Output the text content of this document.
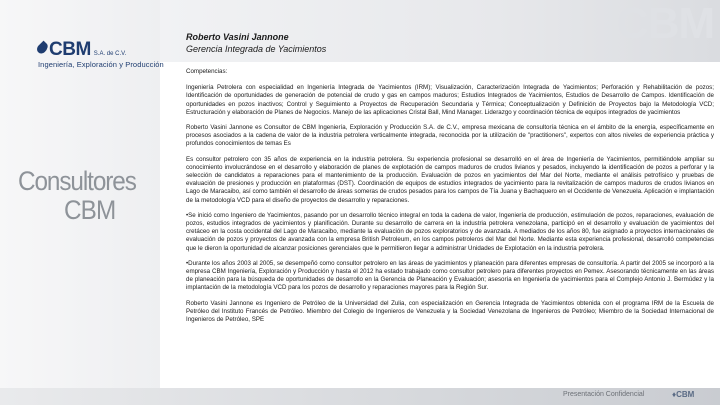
CBM
CBM S.A. de C.V.
Ingeniería, Exploración y Producción
Consultores
CBM
Roberto Vasini Jannone
Gerencia Integrada de Yacimientos

Competencias:

Ingeniería Petrolera con especialidad en Ingeniería Integrada de Yacimientos (IRM); Visualización, Caracterización Integrada de Yacimientos; Perforación y Rehabilitación de pozos; Identificación de oportunidades de generación de potencial de crudo y gas en campos maduros; Estudios Integrados de Yacimientos, Estudios de Desarrollo de Campos. Identificación de oportunidades en pozos inactivos; Control y Seguimiento a Proyectos de Recuperación Secundaria y Térmica; Conceptualización y Definición de Proyectos bajo la Metodología VCD; Estructuración y elaboración de Planes de Negocios. Manejo de las aplicaciones Cristal Ball, Mind Manager. Liderazgo y coordinación técnica de equipos integrados de yacimientos

Roberto Vasini Jannone es Consultor de CBM Ingeniería, Exploración y Producción S.A. de C.V., empresa mexicana de consultoría técnica en el ámbito de la energía, específicamente en procesos asociados a la cadena de valor de la industria petrolera verticalmente integrada, reconocida por la utilización de "practitioners", expertos con altos niveles de experiencia práctica y profundos conocimientos de temas Es

Es consultor petrolero con 35 años de experiencia en la industria petrolera. Su experiencia profesional se desarrolló en el área de Ingeniería de Yacimientos, permitiéndole ampliar su conocimiento involucrándose en el desarrollo y elaboración de planes de explotación de campos maduros de crudos livianos y pesados, incluyendo la identificación de pozos a perforar y la selección de candidatos a reparaciones para el mantenimiento de la producción. Evaluación de pozos en yacimientos del Mar del Norte, mediante el análisis petrofísico y pruebas de evaluación de presiones y producción en plataformas (DST). Coordinación de equipos de estudios integrados de yacimiento para la revitalización de campos maduros de crudos livianos en Lago de Maracaibo, así como también el desarrollo de áreas someras de crudos pesados para los campos de Tía Juana y Bachaquero en el Occidente de Venezuela. Aplicación e implantación de la metodología VCD para el diseño de proyectos de desarrollo y reparaciones.

•Se inició como Ingeniero de Yacimientos, pasando por un desarrollo técnico integral en toda la cadena de valor, Ingeniería de producción, estimulación de pozos, reparaciones, evaluación de pozos, estudios integrados de yacimientos y planificación. Durante su desarrollo de carrera en la industria petrolera venezolana, participó en el desarrollo y evaluación de yacimientos del cretáceo en la costa occidental del Lago de Maracaibo, mediante la evaluación de pozos exploratorios y de avanzada. A mediados de los años 80, fue asignado a proyectos internacionales de evaluación de pozos y proyectos de avanzada con la empresa British Petroleum, en los campos petroleros del Mar del Norte. Mediante esta experiencia profesional, desarrolló competencias que le dieron la oportunidad de alcanzar posiciones gerenciales que le permitieron llegar a administrar Unidades de Explotación en la industria petrolera.

•Durante los años 2003 al 2005, se desempeñó como consultor petrolero en las áreas de yacimientos y planeación para diferentes empresas de consultoría. A partir del 2005 se incorporó a la empresa CBM Ingeniería, Exploración y Producción y hasta el 2012 ha estado trabajado como consultor petrolero para diferentes proyectos en Pemex. Asesorando técnicamente en las áreas de planeación para la búsqueda de oportunidades de desarrollo en la Gerencia de Planeación y Evaluación; asesoría en Ingeniería de yacimientos para el Complejo Antonio J. Bermúdez y la implantación de la metodología VCD para los pozos de desarrollo y reparaciones mayores para la Región Sur.

Roberto Vasini Jannone es Ingeniero de Petróleo de la Universidad del Zulia, con especialización en Gerencia Integrada de Yacimientos obtenida con el programa IRM de la Escuela de Petróleo del Instituto Francés de Petróleo. Miembro del Colegio de Ingenieros de Venezuela y la Sociedad Venezolana de Ingenieros de Petróleo; Miembro de la Sociedad Internacional de Ingenieros de Petróleo, SPE

Presentación Confidencial	♦CBM
